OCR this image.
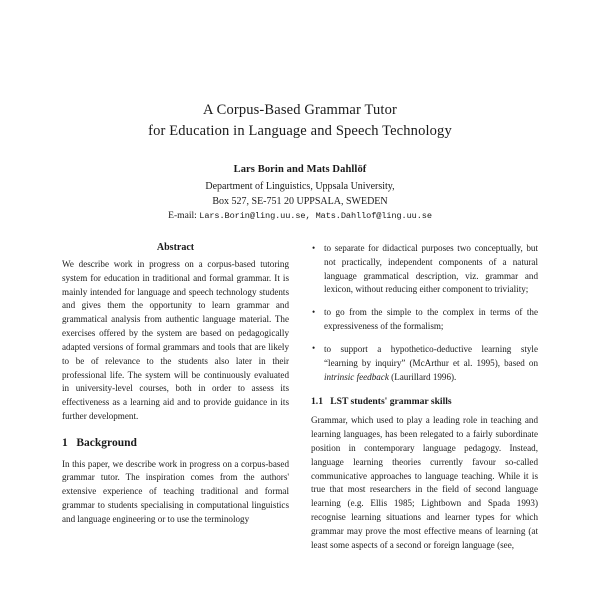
A Corpus-Based Grammar Tutor
for Education in Language and Speech Technology
Lars Borin and Mats Dahllöf
Department of Linguistics, Uppsala University,
Box 527, SE-751 20 UPPSALA, SWEDEN
E-mail: Lars.Borin@ling.uu.se, Mats.Dahllof@ling.uu.se
Abstract

We describe work in progress on a corpus-based tutoring system for education in traditional and formal grammar. It is mainly intended for language and speech technology students and gives them the opportunity to learn grammar and grammatical analysis from authentic language material. The exercises offered by the system are based on pedagogically adapted versions of formal grammars and tools that are likely to be of relevance to the students also later in their professional life. The system will be continuously evaluated in university-level courses, both in order to assess its effectiveness as a learning aid and to provide guidance in its further development.

1 Background

In this paper, we describe work in progress on a corpus-based grammar tutor. The inspiration comes from the authors' extensive experience of teaching traditional and formal grammar to students specialising in computational linguistics and language engineering or to use the terminology

• to separate for didactical purposes two conceptually, but not practically, independent components of a natural language grammatical description, viz. grammar and lexicon, without reducing either component to triviality;
• to go from the simple to the complex in terms of the expressiveness of the formalism;
• to support a hypothetico-deductive learning style “learning by inquiry” (McArthur et al. 1995), based on intrinsic feedback (Laurillard 1996).
1.1 LST students' grammar skills

Grammar, which used to play a leading role in teaching and learning languages, has been relegated to a fairly subordinate position in contemporary language pedagogy. Instead, language learning theories currently favour so-called communicative approaches to language teaching. While it is true that most researchers in the field of second language learning (e.g. Ellis 1985; Lightbown and Spada 1993) recognise learning situations and learner types for which grammar may prove the most effective means of learning (at least some aspects of a second or foreign language (see,
